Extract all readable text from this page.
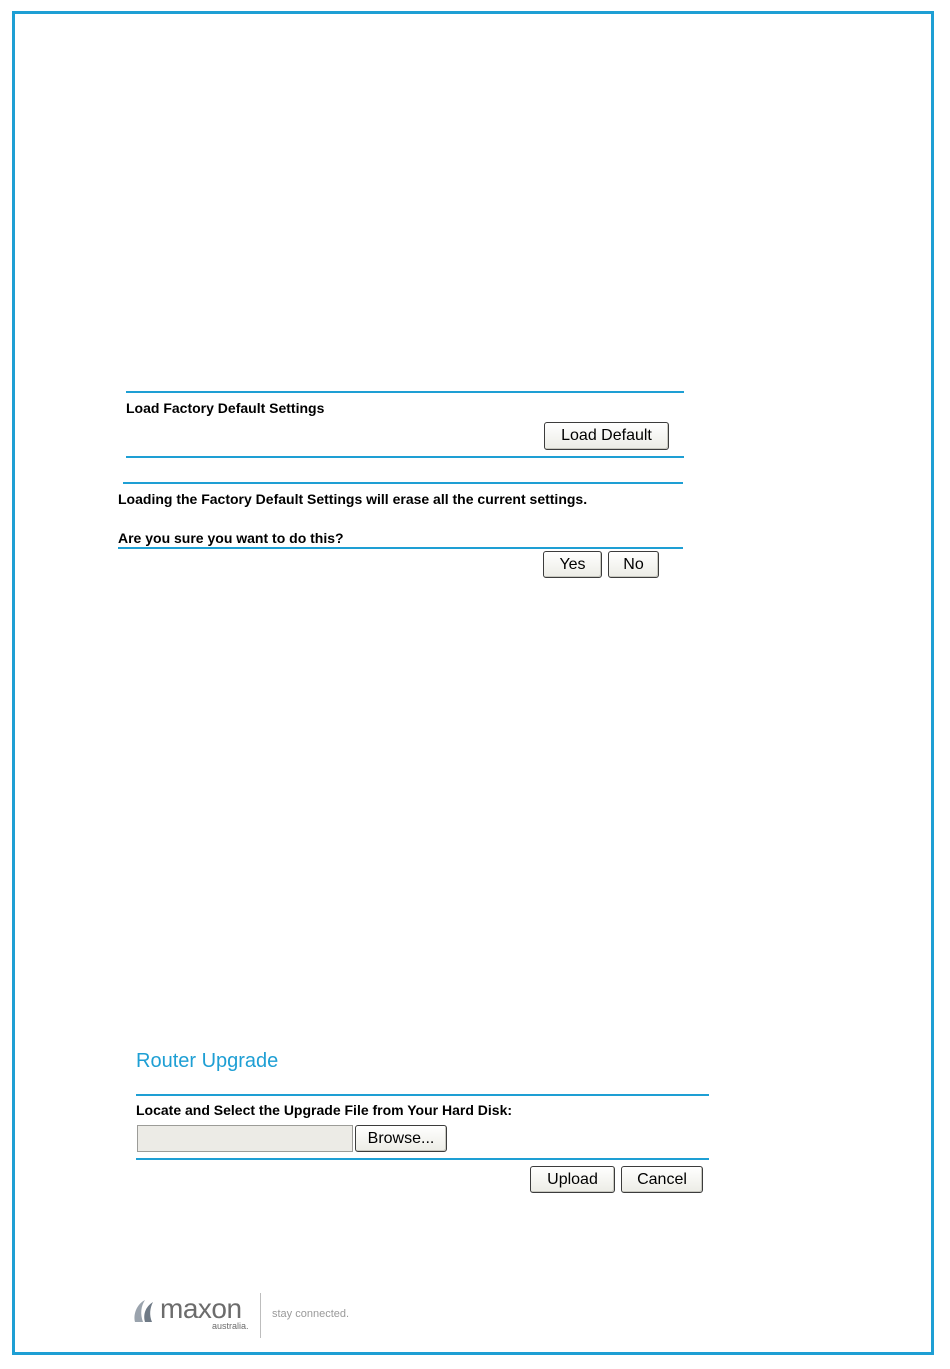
Load Factory Default Settings
Load Default
Loading the Factory Default Settings will erase all the current settings.
Are you sure you want to do this?
Yes	No
Router Upgrade
Locate and Select the Upgrade File from Your Hard Disk:
Browse...
Upload	Cancel
maxon
australia.
stay connected.
